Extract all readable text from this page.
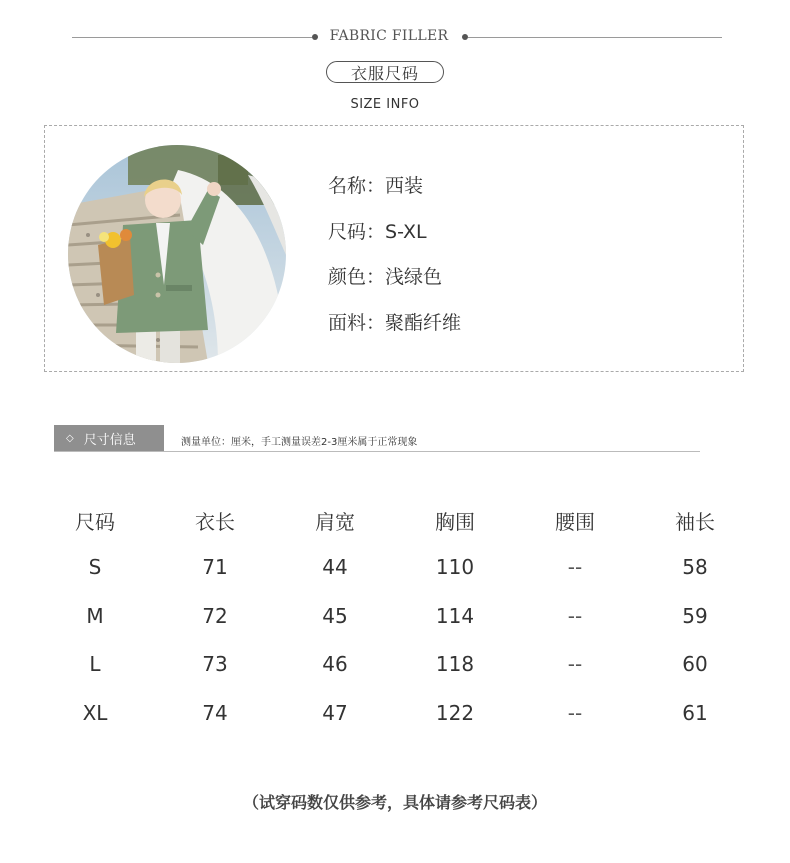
FABRIC FILLER
衣服尺码
SIZE INFO
名称：西装
尺码：S-XL
颜色：浅绿色
面料：聚酯纤维
◇ 尺寸信息	测量单位：厘米，手工测量误差2-3厘米属于正常现象
尺码	衣长	肩宽	胸围	腰围	袖长
S	71	44	110	--	58
M	72	45	114	--	59
L	73	46	118	--	60
XL	74	47	122	--	61
（试穿码数仅供参考，具体请参考尺码表）
